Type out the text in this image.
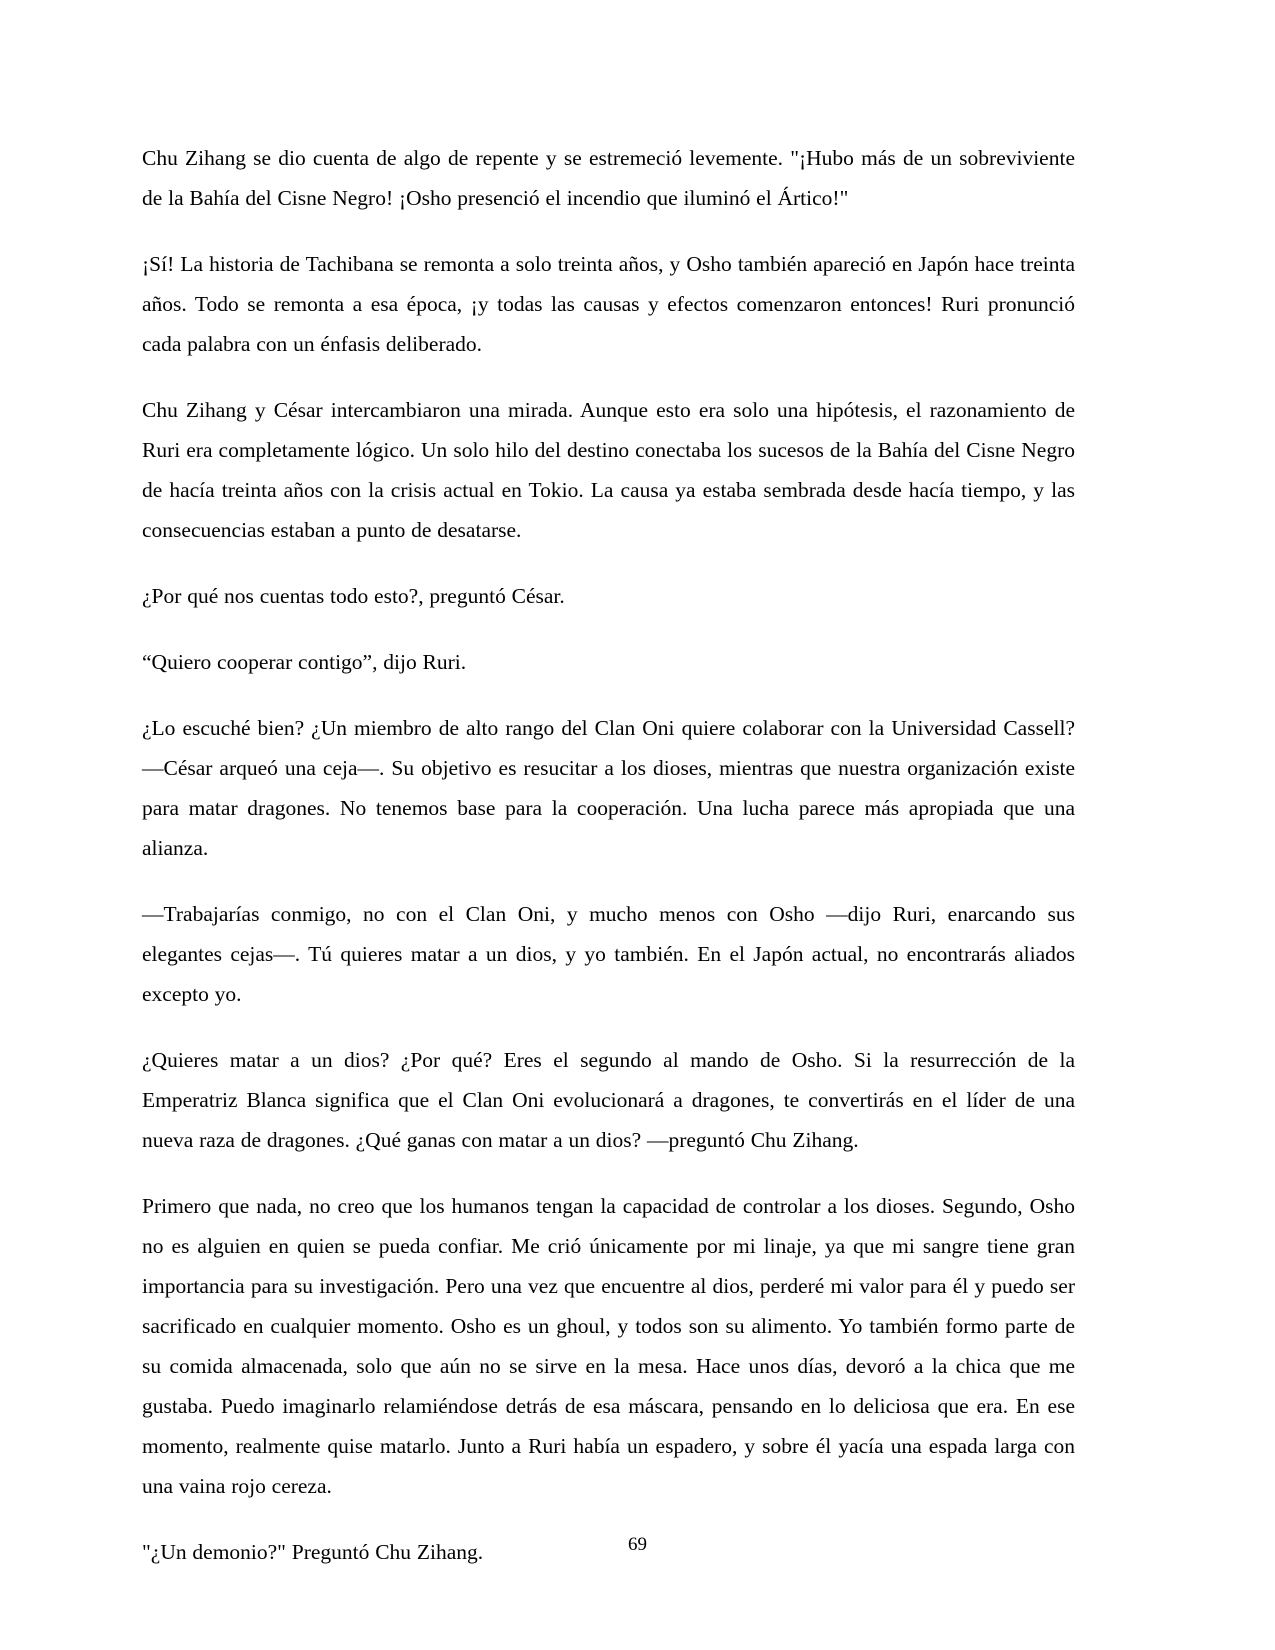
Chu Zihang se dio cuenta de algo de repente y se estremeció levemente. "¡Hubo más de un sobreviviente de la Bahía del Cisne Negro! ¡Osho presenció el incendio que iluminó el Ártico!"

¡Sí! La historia de Tachibana se remonta a solo treinta años, y Osho también apareció en Japón hace treinta años. Todo se remonta a esa época, ¡y todas las causas y efectos comenzaron entonces! Ruri pronunció cada palabra con un énfasis deliberado.

Chu Zihang y César intercambiaron una mirada. Aunque esto era solo una hipótesis, el razonamiento de Ruri era completamente lógico. Un solo hilo del destino conectaba los sucesos de la Bahía del Cisne Negro de hacía treinta años con la crisis actual en Tokio. La causa ya estaba sembrada desde hacía tiempo, y las consecuencias estaban a punto de desatarse.

¿Por qué nos cuentas todo esto?, preguntó César.

“Quiero cooperar contigo”, dijo Ruri.

¿Lo escuché bien? ¿Un miembro de alto rango del Clan Oni quiere colaborar con la Universidad Cassell? —César arqueó una ceja—. Su objetivo es resucitar a los dioses, mientras que nuestra organización existe para matar dragones. No tenemos base para la cooperación. Una lucha parece más apropiada que una alianza.

—Trabajarías conmigo, no con el Clan Oni, y mucho menos con Osho —dijo Ruri, enarcando sus elegantes cejas—. Tú quieres matar a un dios, y yo también. En el Japón actual, no encontrarás aliados excepto yo.

¿Quieres matar a un dios? ¿Por qué? Eres el segundo al mando de Osho. Si la resurrección de la Emperatriz Blanca significa que el Clan Oni evolucionará a dragones, te convertirás en el líder de una nueva raza de dragones. ¿Qué ganas con matar a un dios? —preguntó Chu Zihang.

Primero que nada, no creo que los humanos tengan la capacidad de controlar a los dioses. Segundo, Osho no es alguien en quien se pueda confiar. Me crió únicamente por mi linaje, ya que mi sangre tiene gran importancia para su investigación. Pero una vez que encuentre al dios, perderé mi valor para él y puedo ser sacrificado en cualquier momento. Osho es un ghoul, y todos son su alimento. Yo también formo parte de su comida almacenada, solo que aún no se sirve en la mesa. Hace unos días, devoró a la chica que me gustaba. Puedo imaginarlo relamiéndose detrás de esa máscara, pensando en lo deliciosa que era. En ese momento, realmente quise matarlo. Junto a Ruri había un espadero, y sobre él yacía una espada larga con una vaina rojo cereza.

"¿Un demonio?" Preguntó Chu Zihang.	69
